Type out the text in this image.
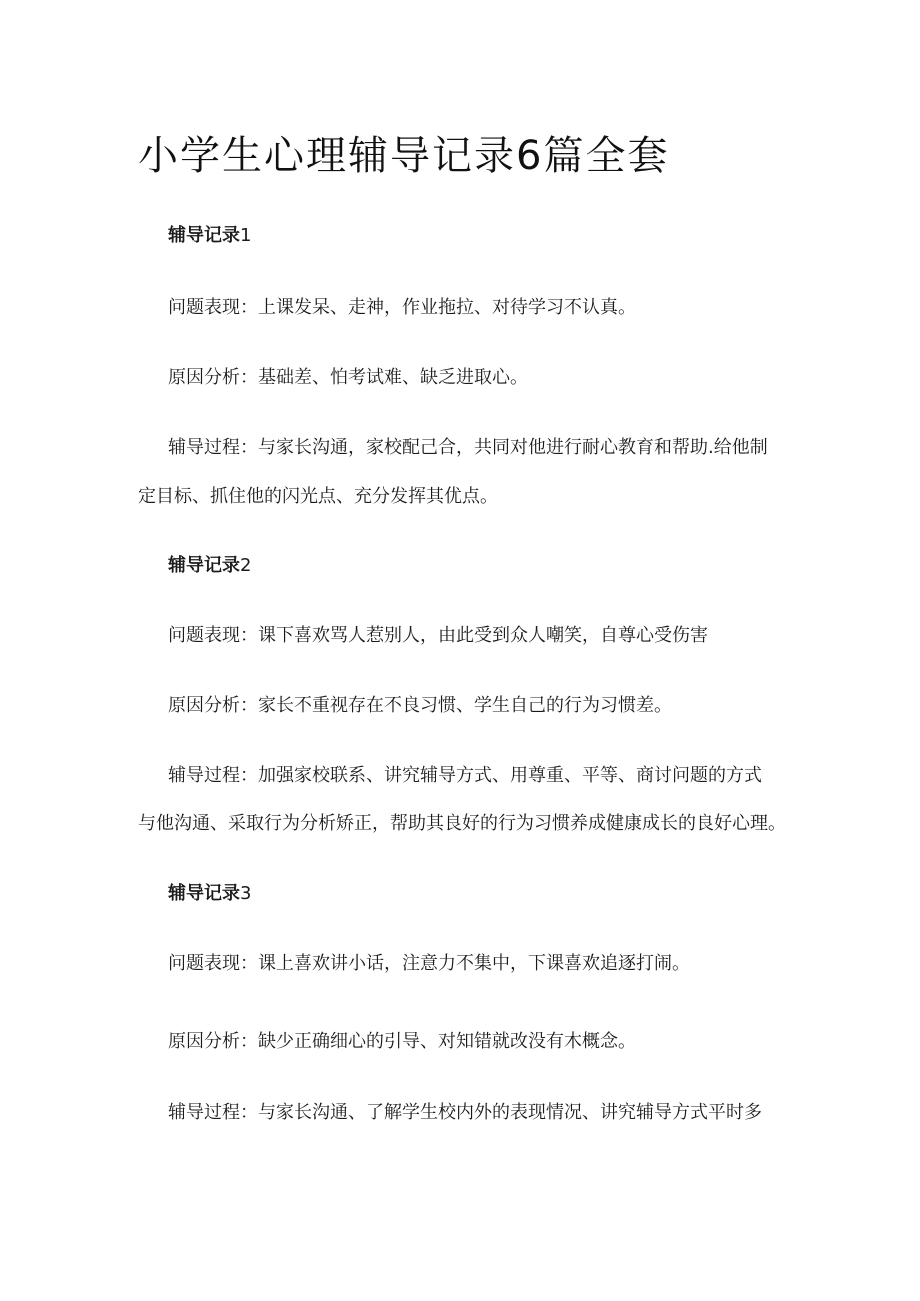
小学生心理辅导记录6篇全套
辅导记录1

问题表现：上课发呆、走神，作业拖拉、对待学习不认真。

原因分析：基础差、怕考试难、缺乏进取心。

辅导过程：与家长沟通，家校配己合，共同对他进行耐心教育和帮助.给他制

定目标、抓住他的闪光点、充分发挥其优点。

辅导记录2

问题表现：课下喜欢骂人惹别人，由此受到众人嘲笑，自尊心受伤害

原因分析：家长不重视存在不良习惯、学生自己的行为习惯差。

辅导过程：加强家校联系、讲究辅导方式、用尊重、平等、商讨问题的方式

与他沟通、采取行为分析矫正，帮助其良好的行为习惯养成健康成长的良好心理。

辅导记录3

问题表现：课上喜欢讲小话，注意力不集中，下课喜欢追逐打闹。

原因分析：缺少正确细心的引导、对知错就改没有木概念。

辅导过程：与家长沟通、了解学生校内外的表现情况、讲究辅导方式平时多
